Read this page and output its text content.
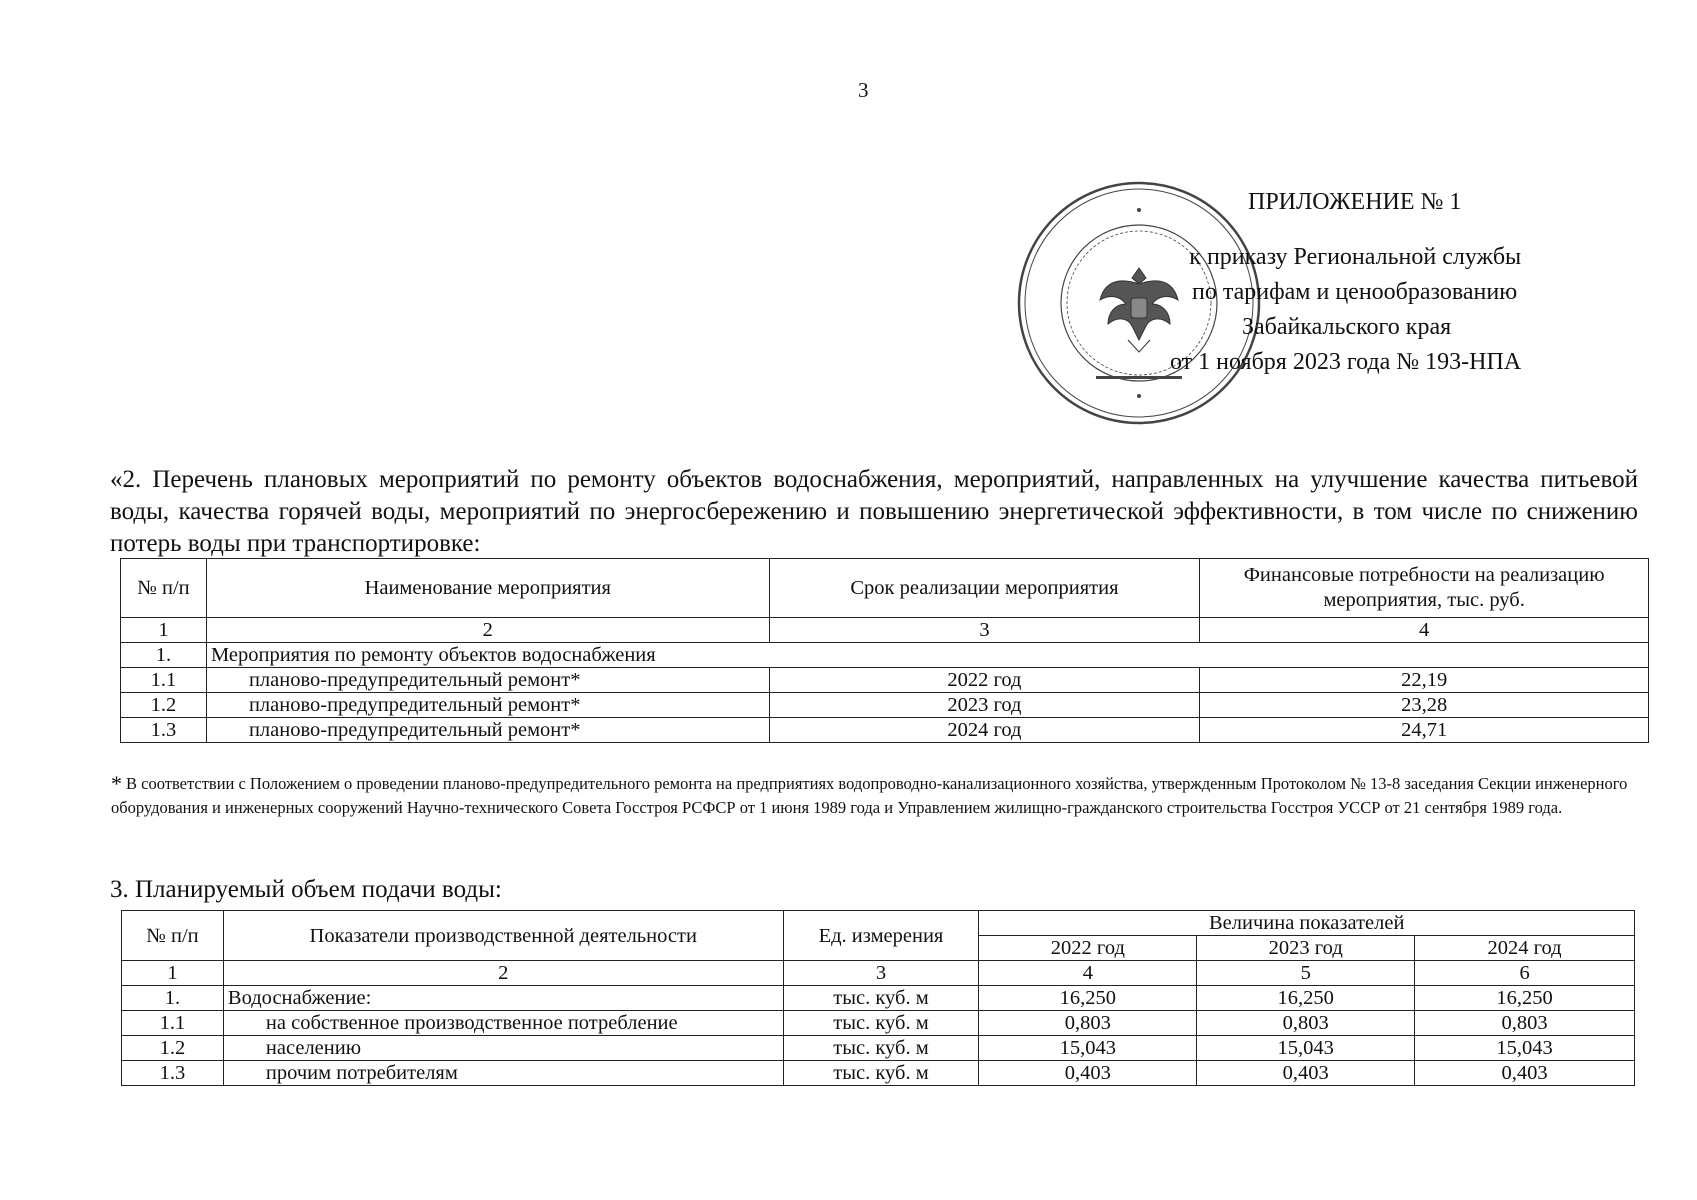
3
ПРИЛОЖЕНИЕ № 1
к приказу Региональной службы
по тарифам и ценообразованию
Забайкальского края
от 1 ноября 2023 года № 193-НПА
«2. Перечень плановых мероприятий по ремонту объектов водоснабжения, мероприятий, направленных на улучшение качества питьевой воды, качества горячей воды, мероприятий по энергосбережению и повышению энергетической эффективности, в том числе по снижению потерь воды при транспортировке:
№ п/п	Наименование мероприятия	Срок реализации мероприятия	Финансовые потребности на реализацию мероприятия, тыс. руб.
1	2	3	4
1.	Мероприятия по ремонту объектов водоснабжения		
1.1	планово-предупредительный ремонт*	2022 год	22,19
1.2	планово-предупредительный ремонт*	2023 год	23,28
1.3	планово-предупредительный ремонт*	2024 год	24,71
* В соответствии с Положением о проведении планово-предупредительного ремонта на предприятиях водопроводно-канализационного хозяйства, утвержденным Протоколом № 13-8 заседания Секции инженерного оборудования и инженерных сооружений Научно-технического Совета Госстроя РСФСР от 1 июня 1989 года и Управлением жилищно-гражданского строительства Госстроя УССР от 21 сентября 1989 года.
3. Планируемый объем подачи воды:
№ п/п	Показатели производственной деятельности	Ед. измерения	Величина показателей		
			2022 год	2023 год	2024 год
1	2	3	4	5	6
1.	Водоснабжение:	тыс. куб. м	16,250	16,250	16,250
1.1	на собственное производственное потребление	тыс. куб. м	0,803	0,803	0,803
1.2	населению	тыс. куб. м	15,043	15,043	15,043
1.3	прочим потребителям	тыс. куб. м	0,403	0,403	0,403
